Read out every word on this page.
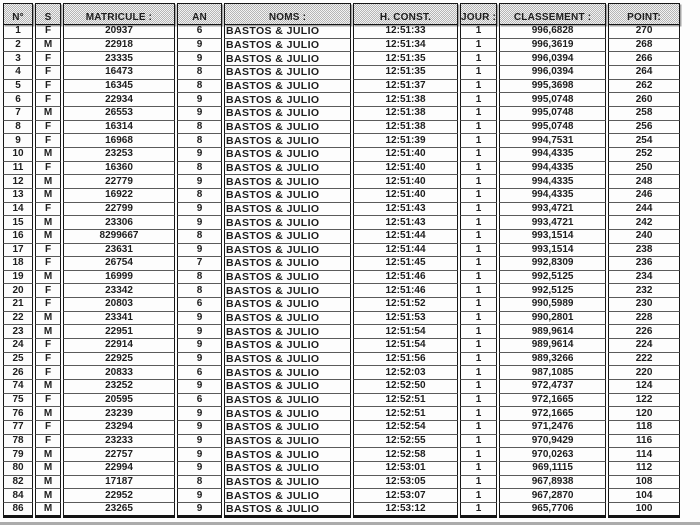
N°	S	MATRICULE :	AN	NOMS :	H. CONST.	JOUR :	CLASSEMENT :	POINT:
1	F	20937	6	BASTOS & JULIO	12:51:33	1	996,6828	270
2	M	22918	9	BASTOS & JULIO	12:51:34	1	996,3619	268
3	F	23335	9	BASTOS & JULIO	12:51:35	1	996,0394	266
4	F	16473	8	BASTOS & JULIO	12:51:35	1	996,0394	264
5	F	16345	8	BASTOS & JULIO	12:51:37	1	995,3698	262
6	F	22934	9	BASTOS & JULIO	12:51:38	1	995,0748	260
7	M	26553	9	BASTOS & JULIO	12:51:38	1	995,0748	258
8	F	16314	8	BASTOS & JULIO	12:51:38	1	995,0748	256
9	F	16968	8	BASTOS & JULIO	12:51:39	1	994,7531	254
10	M	23253	9	BASTOS & JULIO	12:51:40	1	994,4335	252
11	F	16360	8	BASTOS & JULIO	12:51:40	1	994,4335	250
12	M	22779	9	BASTOS & JULIO	12:51:40	1	994,4335	248
13	M	16922	8	BASTOS & JULIO	12:51:40	1	994,4335	246
14	F	22799	9	BASTOS & JULIO	12:51:43	1	993,4721	244
15	M	23306	9	BASTOS & JULIO	12:51:43	1	993,4721	242
16	M	8299667	8	BASTOS & JULIO	12:51:44	1	993,1514	240
17	F	23631	9	BASTOS & JULIO	12:51:44	1	993,1514	238
18	F	26754	7	BASTOS & JULIO	12:51:45	1	992,8309	236
19	M	16999	8	BASTOS & JULIO	12:51:46	1	992,5125	234
20	F	23342	8	BASTOS & JULIO	12:51:46	1	992,5125	232
21	F	20803	6	BASTOS & JULIO	12:51:52	1	990,5989	230
22	M	23341	9	BASTOS & JULIO	12:51:53	1	990,2801	228
23	M	22951	9	BASTOS & JULIO	12:51:54	1	989,9614	226
24	F	22914	9	BASTOS & JULIO	12:51:54	1	989,9614	224
25	F	22925	9	BASTOS & JULIO	12:51:56	1	989,3266	222
26	F	20833	6	BASTOS & JULIO	12:52:03	1	987,1085	220
74	M	23252	9	BASTOS & JULIO	12:52:50	1	972,4737	124
75	F	20595	6	BASTOS & JULIO	12:52:51	1	972,1665	122
76	M	23239	9	BASTOS & JULIO	12:52:51	1	972,1665	120
77	F	23294	9	BASTOS & JULIO	12:52:54	1	971,2476	118
78	F	23233	9	BASTOS & JULIO	12:52:55	1	970,9429	116
79	M	22757	9	BASTOS & JULIO	12:52:58	1	970,0263	114
80	M	22994	9	BASTOS & JULIO	12:53:01	1	969,1115	112
82	M	17187	8	BASTOS & JULIO	12:53:05	1	967,8938	108
84	M	22952	9	BASTOS & JULIO	12:53:07	1	967,2870	104
86	M	23265	9	BASTOS & JULIO	12:53:12	1	965,7706	100
